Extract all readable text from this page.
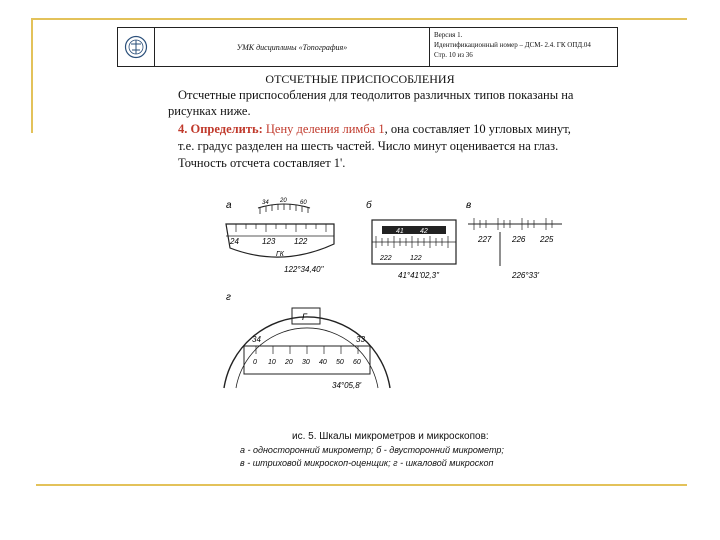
УМК дисциплины «Топография»
Версия 1.
Идентификационный номер – ДСМ- 2.4. ГК ОПД.04
Стр. 10 из 36
ОТСЧЕТНЫЕ ПРИСПОСОБЛЕНИЯ
Отсчетные приспособления для теодолитов различных типов показаны на
рисунках ниже.
4. Определить: Цену деления лимба 1, она составляет 10 угловых минут,
т.е. градус разделен на шесть частей. Число минут оценивается на глаз.
Точность отсчета составляет 1'.
а	34 20 60
24	123 122
ГК
122°34,40"
б
41 42
222	122
41°41'02,3"
в
227	226 225
226°33'
г
Г
34	33
0 10 20 30 40 50 60
34°05,8'
ис. 5. Шкалы микрометров и микроскопов:
а - односторонний микрометр; б - двусторонний микрометр;
в - штриховой микроскоп-оценщик; г - шкаловой микроскоп
